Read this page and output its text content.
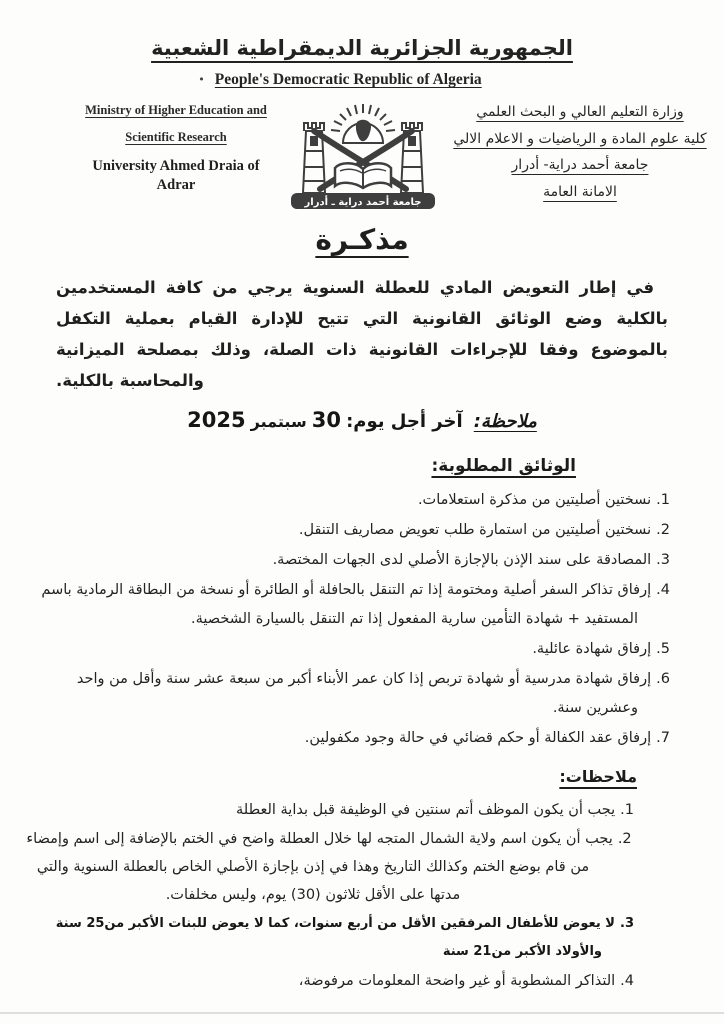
الجمهورية الجزائرية الديمقراطية الشعبية
• People's Democratic Republic of Algeria
Ministry of Higher Education and
Scientific Research
University Ahmed Draia of Adrar
جامعة أحمد دراية ـ أدرار
وزارة التعليم العالي و البحث العلمي
كلية علوم المادة و الرياضيات و الاعلام الالي
جامعة أحمد دراية- أدرار
الامانة العامة
مذكـرة

في إطار التعويض المادي للعطلة السنوية يرجي من كافة المستخدمين بالكلية وضع الوثائق القانونية التي تتيح للإدارة القيام بعملية التكفل بالموضوع وفقا للإجراءات القانونية ذات الصلة، وذلك بمصلحة الميزانية والمحاسبة بالكلية.

ملاحظة: آخر أجل يوم: 30 سبتمبر 2025
الوثائق المطلوبة:
1.نسختين أصليتين من مذكرة استعلامات.
2.نسختين أصليتين من استمارة طلب تعويض مصاريف التنقل.
3.المصادقة على سند الإذن بالإجازة الأصلي لدى الجهات المختصة.
4.إرفاق تذاكر السفر أصلية ومختومة إذا تم التنقل بالحافلة أو الطائرة أو نسخة من البطاقة الرمادية باسم المستفيد + شهادة التأمين سارية المفعول إذا تم التنقل بالسيارة الشخصية.
5.إرفاق شهادة عائلية.
6.إرفاق شهادة مدرسية أو شهادة تربص إذا كان عمر الأبناء أكبر من سبعة عشر سنة وأقل من واحد وعشرين سنة.
7.إرفاق عقد الكفالة أو حكم قضائي في حالة وجود مكفولين.
ملاحظات:
1.يجب أن يكون الموظف أتم سنتين في الوظيفة قبل بداية العطلة
2.يجب أن يكون اسم ولاية الشمال المتجه لها خلال العطلة واضح في الختم بالإضافة إلى اسم وإمضاء من قام بوضع الختم وكذالك التاريخ وهذا في إذن بإجازة الأصلي الخاص بالعطلة السنوية والتي مدتها على الأقل ثلاثون (30) يوم، وليس مخلفات.
3.لا يعوض للأطفال المرفقين الأقل من أربع سنوات، كما لا يعوض للبنات الأكبر من25 سنة والأولاد الأكبر من21 سنة
4.التذاكر المشطوبة أو غير واضحة المعلومات مرفوضة،
